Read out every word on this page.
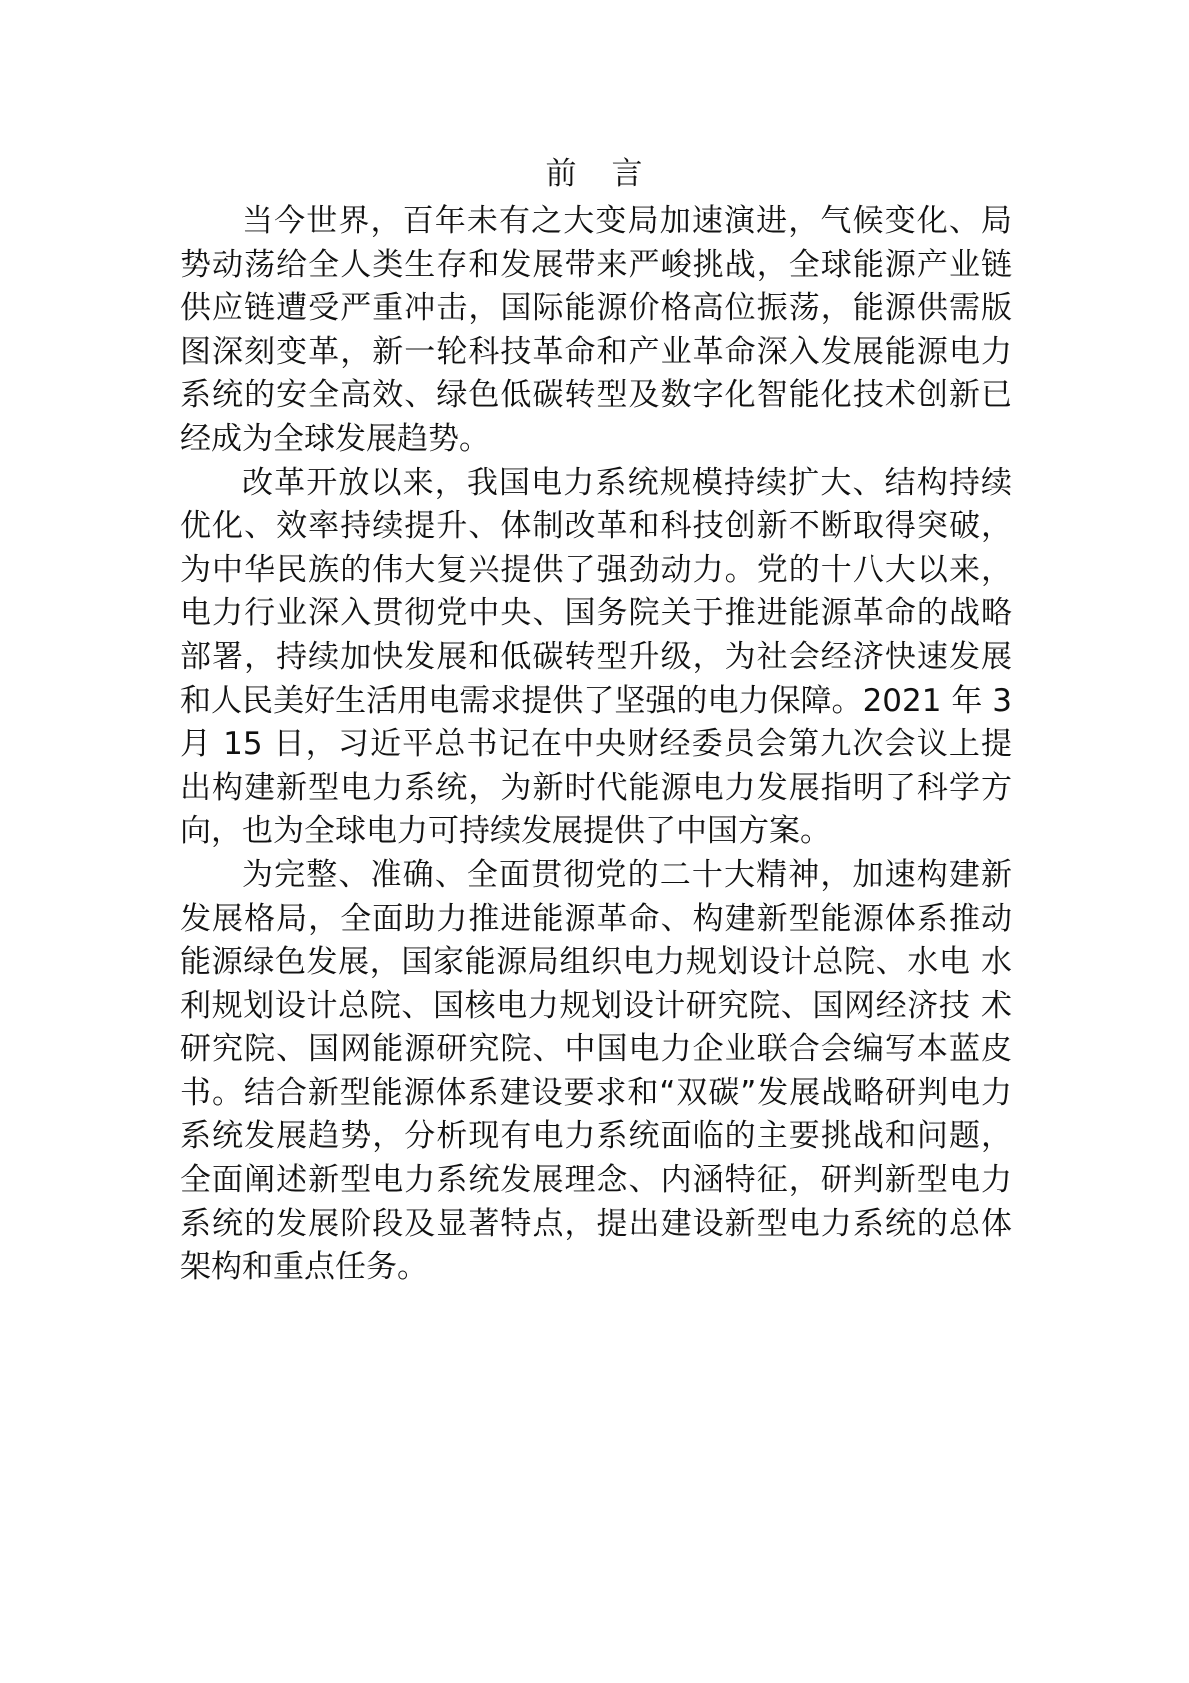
前 言

当今世界，百年未有之大变局加速演进，气候变化、局势动荡给全人类生存和发展带来严峻挑战，全球能源产业链供应链遭受严重冲击，国际能源价格高位振荡，能源供需版图深刻变革，新一轮科技革命和产业革命深入发展能源电力系统的安全高效、绿色低碳转型及数字化智能化技术创新已经成为全球发展趋势。

改革开放以来，我国电力系统规模持续扩大、结构持续优化、效率持续提升、体制改革和科技创新不断取得突破，为中华民族的伟大复兴提供了强劲动力。党的十八大以来，电力行业深入贯彻党中央、国务院关于推进能源革命的战略部署，持续加快发展和低碳转型升级，为社会经济快速发展和人民美好生活用电需求提供了坚强的电力保障。2021 年 3 月 15 日，习近平总书记在中央财经委员会第九次会议上提出构建新型电力系统，为新时代能源电力发展指明了科学方向，也为全球电力可持续发展提供了中国方案。

为完整、准确、全面贯彻党的二十大精神，加速构建新发展格局，全面助力推进能源革命、构建新型能源体系推动能源绿色发展，国家能源局组织电力规划设计总院、水电 水利规划设计总院、国核电力规划设计研究院、国网经济技 术研究院、国网能源研究院、中国电力企业联合会编写本蓝皮书。结合新型能源体系建设要求和“双碳”发展战略研判电力系统发展趋势，分析现有电力系统面临的主要挑战和问题，全面阐述新型电力系统发展理念、内涵特征，研判新型电力系统的发展阶段及显著特点，提出建设新型电力系统的总体架构和重点任务。
